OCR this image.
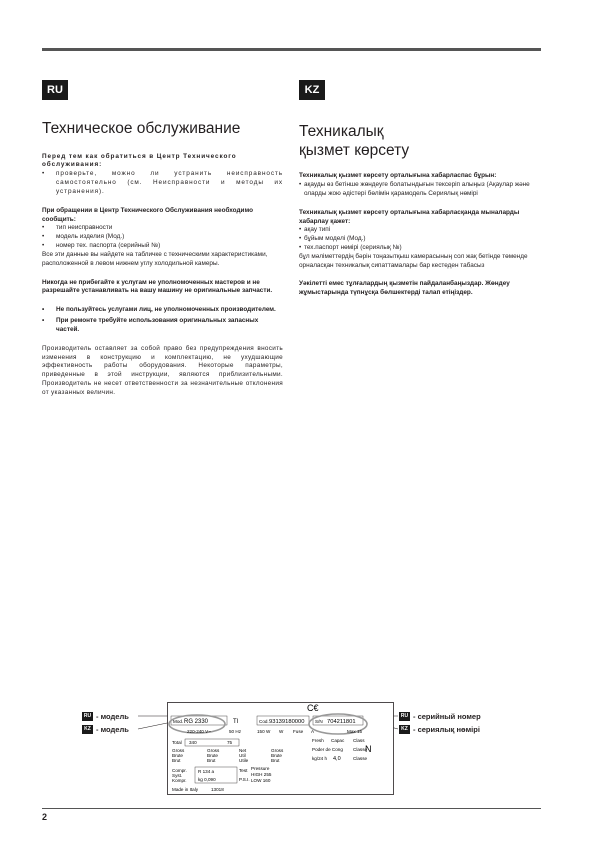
RU
Техническое обслуживание
Перед тем как обратиться в Центр Технического обслуживания:
• проверьте, можно ли устранить неисправность самостоятельно (см. Неисправности и методы их устранения).
При обращении в Центр Технического Обслуживания необходимо сообщить:
• тип неисправности
• модель изделия (Мод.)
• номер тех. паспорта (серийный №)
Все эти данные вы найдете на табличке с техническими характеристиками, расположенной в левом нижнем углу холодильной камеры.

Никогда не прибегайте к услугам не уполномоченных мастеров и не разрешайте устанавливать на вашу машину не оригинальные запчасти.

• Не пользуйтесь услугами лиц, не уполномоченных производителем.
• При ремонте требуйте использования оригинальных запасных частей.

Производитель оставляет за собой право без предупреждения вносить изменения в конструкцию и комплектацию, не ухудшающие эффективность работы оборудования. Некоторые параметры, приведенные в этой инструкции, являются приблизительными. Производитель не несет ответственности за незначительные отклонения от указанных величин.

KZ
Техникалық
қызмет көрсету
Техникалық қызмет көрсету орталығына хабарласпас бұрын:
• ақауды өз бетінше жөндеуге болатындығын тексеріп алыңыз (Ақаулар және оларды жою әдістері бөлімін қарамодель Сериялық нөмірі
Техникалық қызмет көрсету орталығына хабарласқанда мыналарды хабарлау қажет:
• ақау типі
• бұйым моделі (Мод.)
• тех.паспорт нөмірі (сериялық №)
бұл мәліметтердің бәрін тоңазытқыш камерасының сол жақ бетінде төменде орналасқан техникалық сипаттамалары бар кестеден табасыз

Уәкілетті емес тұлғалардың қызметін пайдаланбаңыздар. Жөндеу жұмыстарында түпнұсқа бөлшектерді талап етіңіздер.

RU - модель
KZ - модель
RU - серийный номер
KZ - сериялық нөмірі
C€
Mod. RG 2330	TI	Cod. 93139180000 S/N 704211801
220-240 V~	50 Hz	150 W W Fuse A	Max 15
Total 340	75
Gross Brute Brut
Gross Brute Brut
Net Util Utile
Gross Brute Brut
Fresh Capac Class
Poder de Cong
kg/24 h 4,0
Classe
N
Classe
Compr. Syst. Kompr.
R 134 a
kg 0,090
Test Pressure
HIGH 255
P.S.I. LOW 160
Made in Italy	13018
2
